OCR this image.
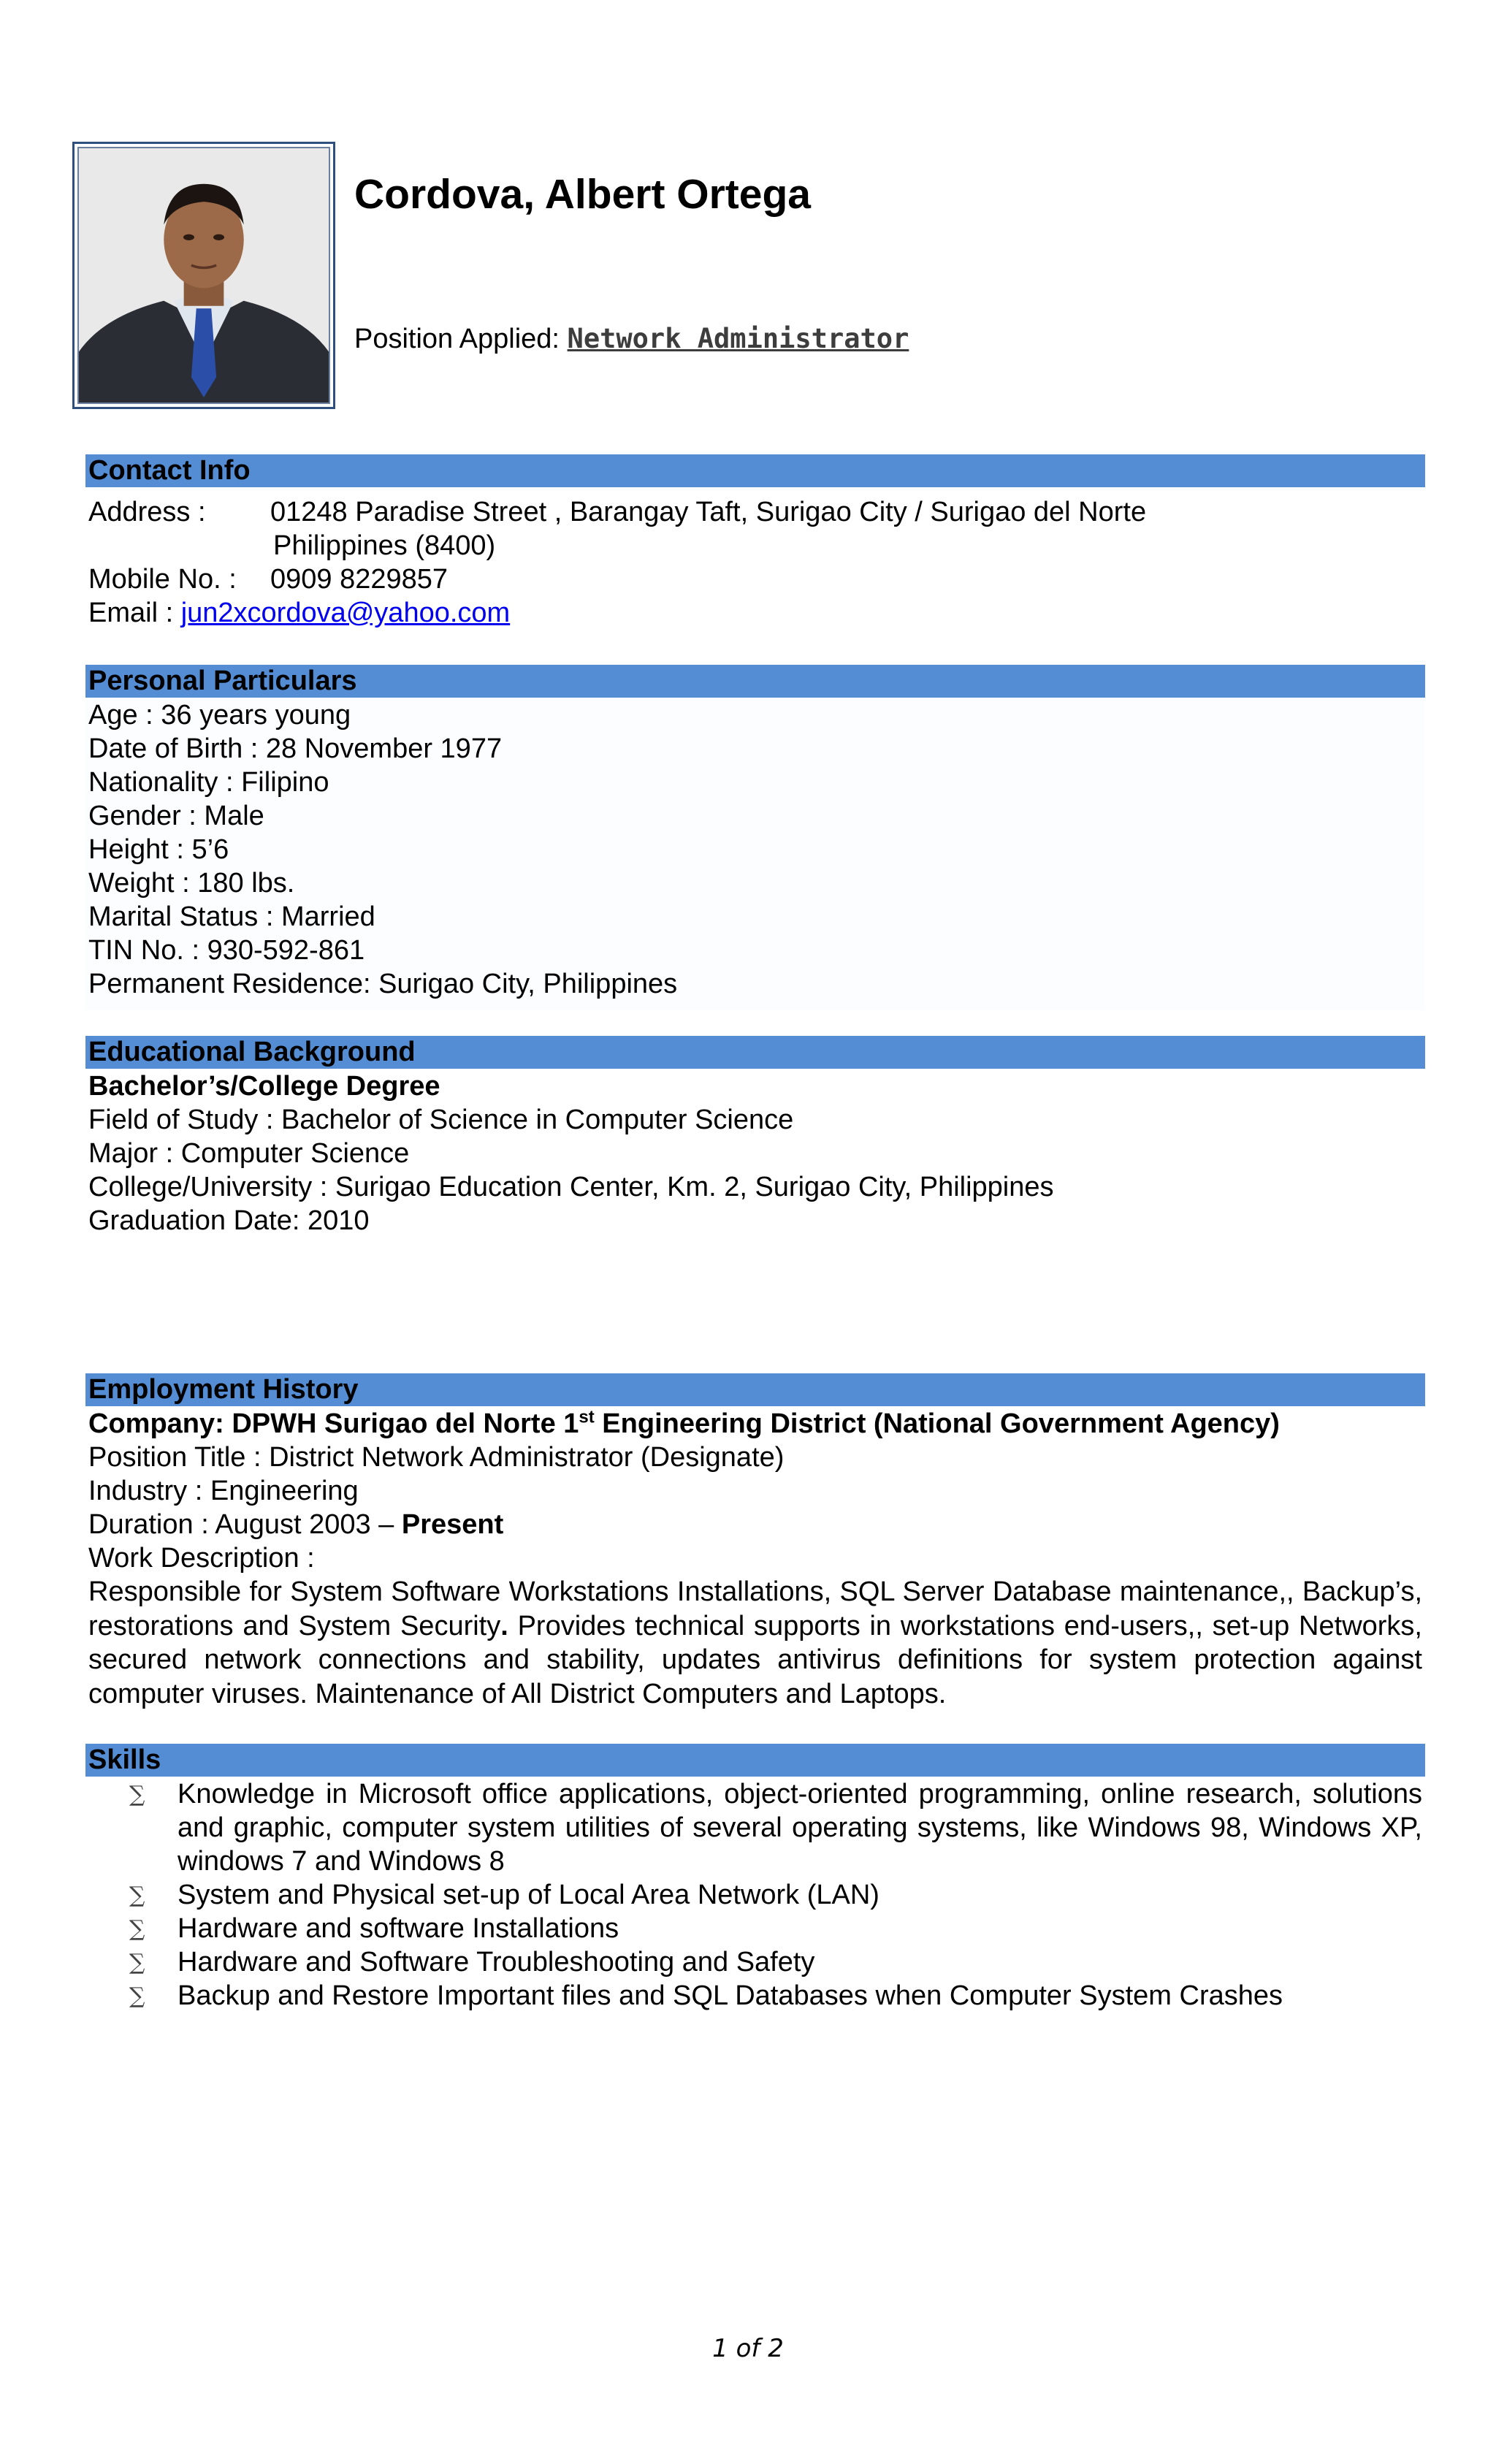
Cordova, Albert Ortega
Position Applied: Network Administrator
Contact Info
Address : 01248 Paradise Street , Barangay Taft, Surigao City / Surigao del Norte
Philippines (8400)
Mobile No. : 0909 8229857
Email : jun2xcordova@yahoo.com
Personal Particulars
Age : 36 years young
Date of Birth : 28 November 1977
Nationality : Filipino
Gender : Male
Height : 5’6
Weight : 180 lbs.
Marital Status : Married
TIN No. : 930-592-861
Permanent Residence: Surigao City, Philippines
Educational Background
Bachelor’s/College Degree
Field of Study : Bachelor of Science in Computer Science
Major : Computer Science
College/University : Surigao Education Center, Km. 2, Surigao City, Philippines
Graduation Date: 2010
Employment History
Company: DPWH Surigao del Norte 1st Engineering District (National Government Agency)
Position Title : District Network Administrator (Designate)
Industry : Engineering
Duration : August 2003 – Present
Work Description :
Responsible for System Software Workstations Installations, SQL Server Database maintenance,, Backup’s, restorations and System Security. Provides technical supports in workstations end-users,, set-up Networks, secured network connections and stability, updates antivirus definitions for system protection against computer viruses. Maintenance of All District Computers and Laptops.
Skills
∑ Knowledge in Microsoft office applications, object-oriented programming, online research, solutions and graphic, computer system utilities of several operating systems, like Windows 98, Windows XP, windows 7 and Windows 8
∑ System and Physical set-up of Local Area Network (LAN)
∑ Hardware and software Installations
∑ Hardware and Software Troubleshooting and Safety
∑ Backup and Restore Important files and SQL Databases when Computer System Crashes
1 of 2
